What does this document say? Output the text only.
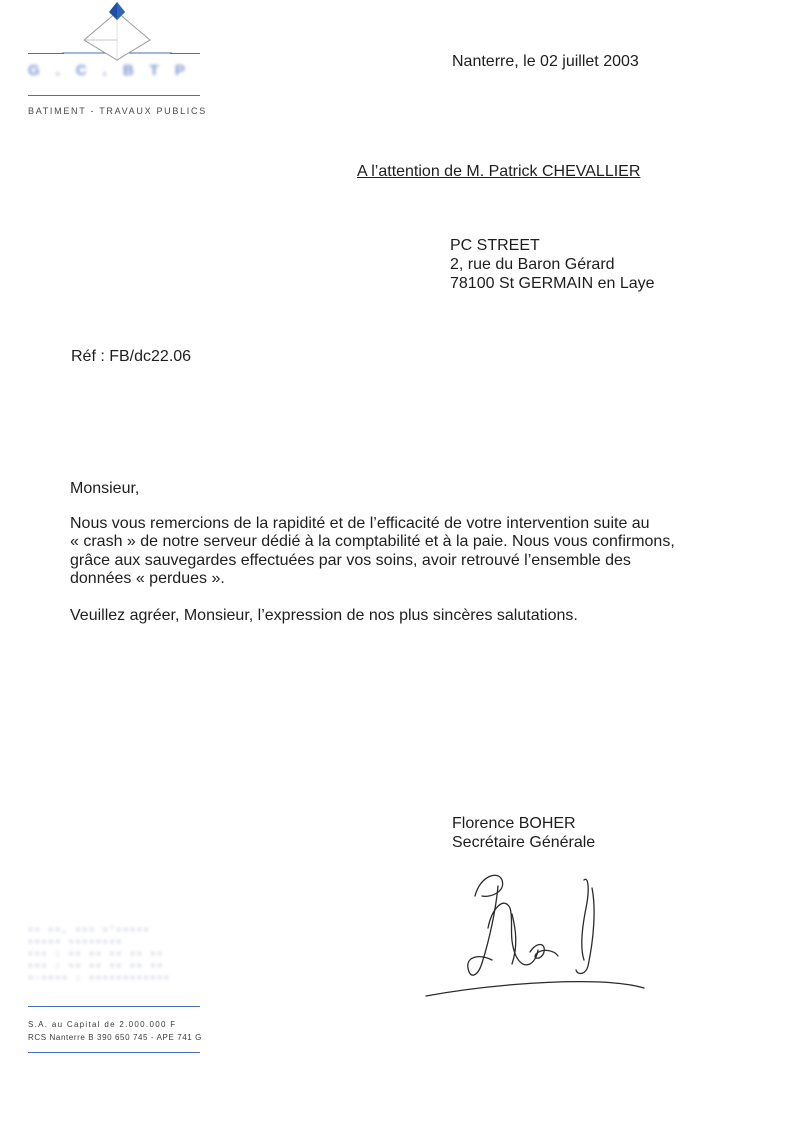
G.C.BTP
BATIMENT - TRAVAUX PUBLICS
Nanterre, le 02 juillet 2003
A l’attention de M. Patrick CHEVALLIER
PC STREET
2, rue du Baron Gérard
78100 St GERMAIN en Laye
Réf : FB/dc22.06

Monsieur,

Nous vous remercions de la rapidité et de l’efficacité de votre intervention suite au

« crash » de notre serveur dédié à la comptabilité et à la paie. Nous vous confirmons,

grâce aux sauvegardes effectuées par vos soins, avoir retrouvé l’ensemble des

données « perdues ».

Veuillez agréer, Monsieur, l’expression de nos plus sincères salutations.

Florence BOHER
Secrétaire Générale
▪▪ ▪▪, ▪▪▪ ▪'▪▪▪▪▪
▪▪▪▪▪ ▪▪▪▪▪▪▪▪
▪▪▪ : ▪▪ ▪▪ ▪▪ ▪▪ ▪▪
▪▪▪ : ▪▪ ▪▪ ▪▪ ▪▪ ▪▪
▪-▪▪▪▪ : ▪▪▪▪▪▪▪▪▪▪▪▪
S.A. au Capital de 2.000.000 F
RCS Nanterre B 390 650 745 - APE 741 G
